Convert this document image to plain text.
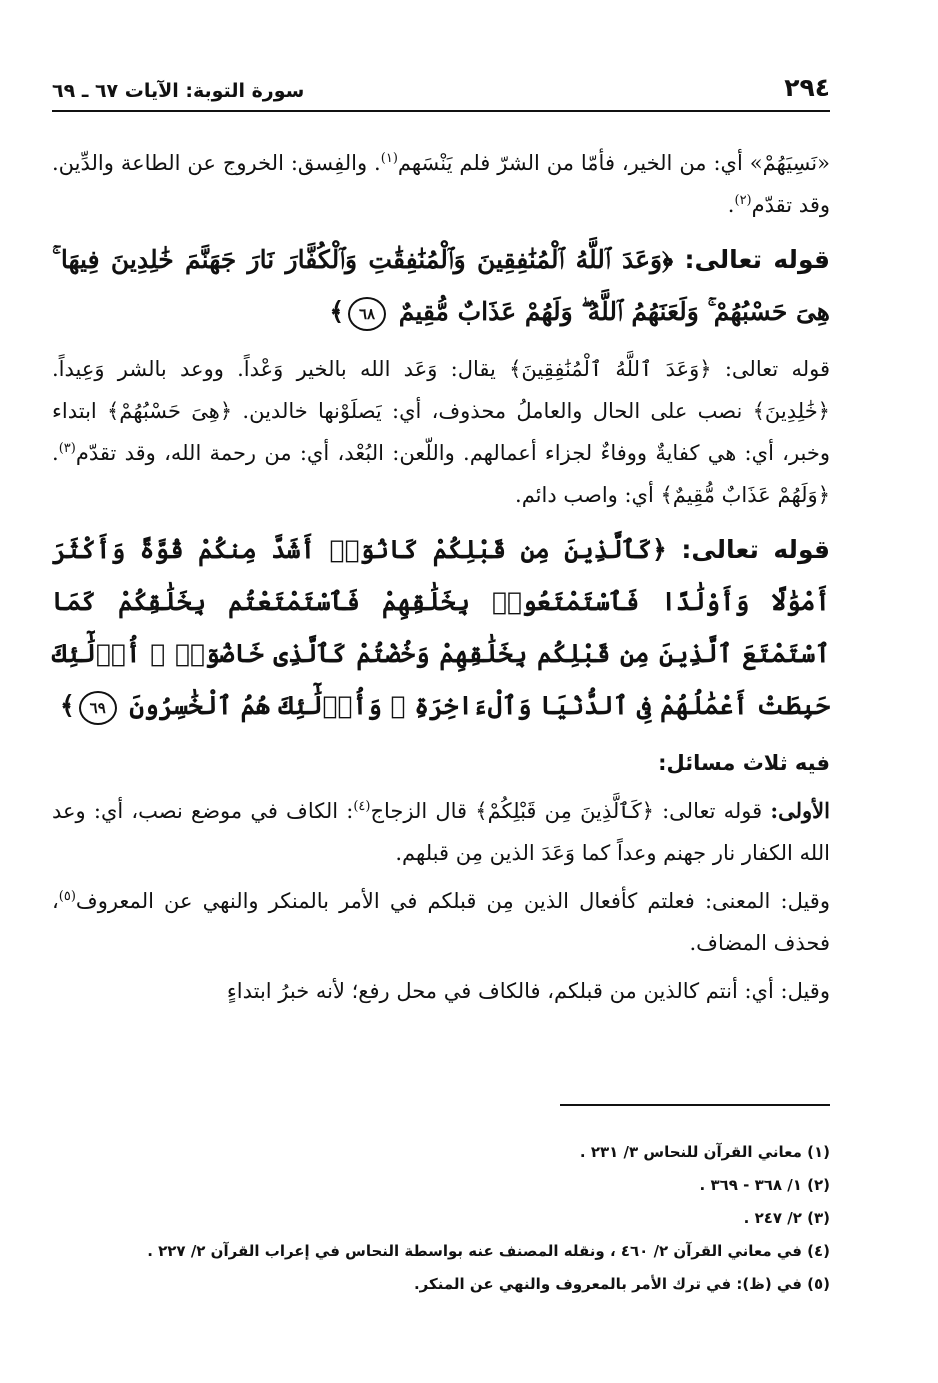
٢٩٤
سورة التوبة: الآيات ٦٧ ـ ٦٩

«نَسِيَهُمْ» أي: من الخير، فأمّا من الشرّ فلم يَنْسَهم$^{(١)}$. والفِسق: الخروج عن الطاعة والدِّين. وقد تقدّم$^{(٢)}$.

قوله تعالى: ﴿وَعَدَ ٱللَّهُ ٱلْمُنَٰفِقِينَ وَٱلْمُنَٰفِقَٰتِ وَٱلْكُفَّارَ نَارَ جَهَنَّمَ خَٰلِدِينَ فِيهَا ۚ هِىَ حَسْبُهُمْ ۚ وَلَعَنَهُمُ ٱللَّهُ ۖ وَلَهُمْ عَذَابٌ مُّقِيمٌ ٦٨﴾

قوله تعالى: ﴿وَعَدَ ٱللَّهُ ٱلْمُنَٰفِقِينَ﴾ يقال: وَعَد الله بالخير وَعْداً. ووعد بالشر وَعِيداً. ﴿خَٰلِدِينَ﴾ نصب على الحال والعاملُ محذوف، أي: يَصلَوْنها خالدين. ﴿هِىَ حَسْبُهُمْ﴾ ابتداء وخبر، أي: هي كفايةٌ ووفاءٌ لجزاء أعمالهم. واللّعن: البُعْد، أي: من رحمة الله، وقد تقدّم$^{(٣)}$. ﴿وَلَهُمْ عَذَابٌ مُّقِيمٌ﴾ أي: واصب دائم.

قوله تعالى: ﴿كَٱلَّذِينَ مِن قَبْلِكُمْ كَانُوٓا۟ أَشَدَّ مِنكُمْ قُوَّةً وَأَكْثَرَ أَمْوَٰلًا وَأَوْلَٰدًا فَٱسْتَمْتَعُوا۟ بِخَلَٰقِهِمْ فَٱسْتَمْتَعْتُم بِخَلَٰقِكُمْ كَمَا ٱسْتَمْتَعَ ٱلَّذِينَ مِن قَبْلِكُم بِخَلَٰقِهِمْ وَخُضْتُمْ كَٱلَّذِى خَاضُوٓا۟ ۚ أُو۟لَٰٓئِكَ حَبِطَتْ أَعْمَٰلُهُمْ فِى ٱلدُّنْيَا وَٱلْءَاخِرَةِ ۖ وَأُو۟لَٰٓئِكَ هُمُ ٱلْخَٰسِرُونَ ٦٩﴾

فيه ثلاث مسائل:

الأولى: قوله تعالى: ﴿كَٱلَّذِينَ مِن قَبْلِكُمْ﴾ قال الزجاج$^{(٤)}$: الكاف في موضع نصب، أي: وعد الله الكفار نار جهنم وعداً كما وَعَدَ الذين مِن قبلهم.

وقيل: المعنى: فعلتم كأفعال الذين مِن قبلكم في الأمر بالمنكر والنهي عن المعروف$^{(٥)}$، فحذف المضاف.

وقيل: أي: أنتم كالذين من قبلكم، فالكاف في محل رفع؛ لأنه خبرُ ابتداءٍ

(١) معاني القرآن للنحاس ٣/ ٢٣١ .

(٢) ١/ ٣٦٨ - ٣٦٩ .

(٣) ٢/ ٢٤٧ .

(٤) في معاني القرآن ٢/ ٤٦٠ ، ونقله المصنف عنه بواسطة النحاس في إعراب القرآن ٢/ ٢٢٧ .

(٥) في (ظ): في ترك الأمر بالمعروف والنهي عن المنكر.
